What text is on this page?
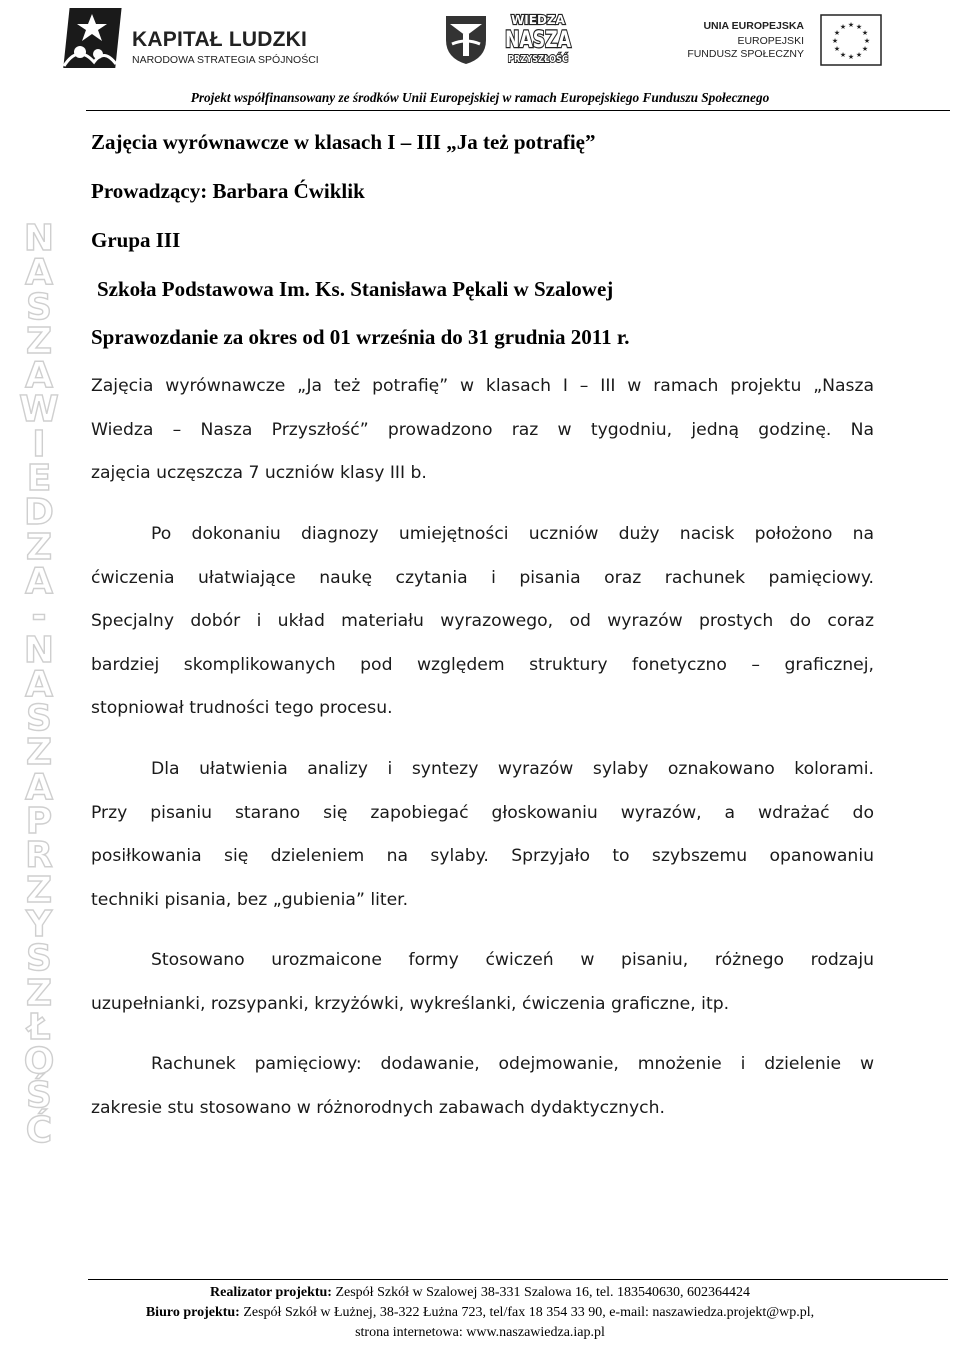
KAPITAŁ LUDZKI
NARODOWA STRATEGIA SPÓJNOŚCI
WIEDZA
NASZA
PRZYSZŁOŚĆ
UNIA EUROPEJSKA
EUROPEJSKI
FUNDUSZ SPOŁECZNY
★ ★
★
★
★
★
★
★
★
★
★
★
Projekt współfinansowany ze środków Unii Europejskiej w ramach Europejskiego Funduszu Społecznego
N
A
S
Z
A
W
I
E
D
Z
A
-
N
A
S
Z
A
P
R
Z
Y
S
Z
Ł
O
Ś
Ć
Zajęcia wyrównawcze w klasach I – III „Ja też potrafię”
Prowadzący: Barbara Ćwiklik
Grupa III
Szkoła Podstawowa Im. Ks. Stanisława Pękali w Szalowej
Sprawozdanie za okres od 01 września do 31 grudnia 2011 r.
Zajęcia wyrównawcze „Ja też potrafię” w klasach I – III w ramach projektu „Nasza
Wiedza – Nasza Przyszłość” prowadzono raz w tygodniu, jedną godzinę. Na
zajęcia uczęszcza 7 uczniów klasy III b.
Po dokonaniu diagnozy umiejętności uczniów duży nacisk położono na
ćwiczenia ułatwiające naukę czytania i pisania oraz rachunek pamięciowy.
Specjalny dobór i układ materiału wyrazowego, od wyrazów prostych do coraz
bardziej skomplikowanych pod względem struktury fonetyczno – graficznej,
stopniował trudności tego procesu.
Dla ułatwienia analizy i syntezy wyrazów sylaby oznakowano kolorami.
Przy pisaniu starano się zapobiegać głoskowaniu wyrazów, a wdrażać do
posiłkowania się dzieleniem na sylaby. Sprzyjało to szybszemu opanowaniu
techniki pisania, bez „gubienia” liter.
Stosowano urozmaicone formy ćwiczeń w pisaniu, różnego rodzaju
uzupełnianki, rozsypanki, krzyżówki, wykreślanki, ćwiczenia graficzne, itp.
Rachunek pamięciowy: dodawanie, odejmowanie, mnożenie i dzielenie w
zakresie stu stosowano w różnorodnych zabawach dydaktycznych.
Realizator projektu: Zespół Szkół w Szalowej 38-331 Szalowa 16, tel. 183540630, 602364424
Biuro projektu: Zespół Szkół w Łużnej, 38-322 Łużna 723, tel/fax 18 354 33 90, e-mail: naszawiedza.projekt@wp.pl,
strona internetowa: www.naszawiedza.iap.pl
